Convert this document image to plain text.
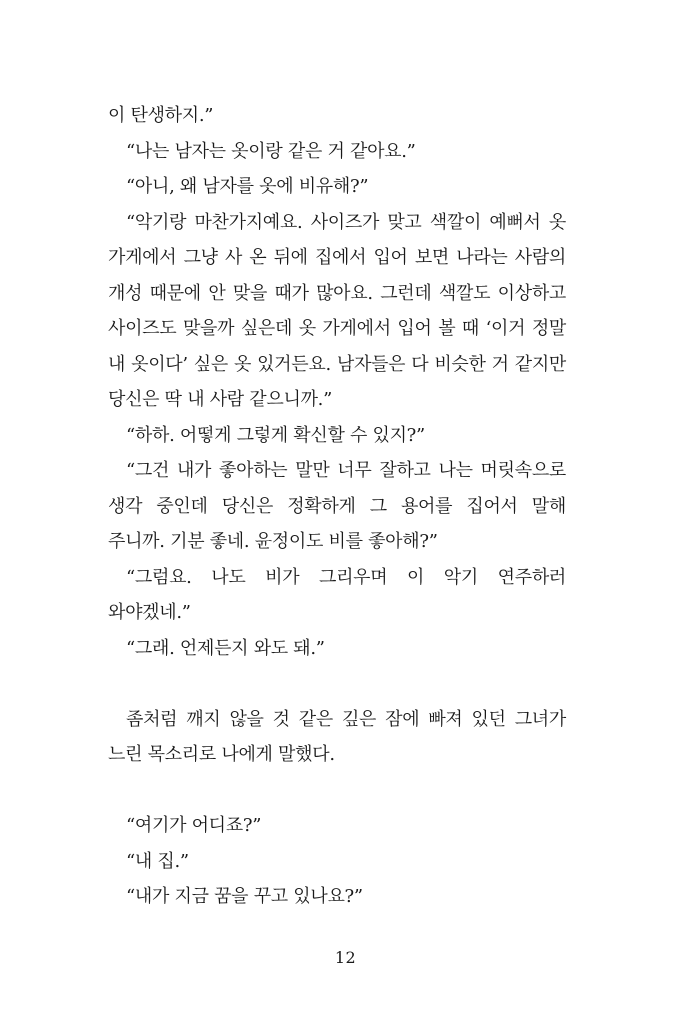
이 탄생하지.”

“나는 남자는 옷이랑 같은 거 같아요.”

“아니, 왜 남자를 옷에 비유해?”

“악기랑 마찬가지예요. 사이즈가 맞고 색깔이 예뻐서 옷 가게에서 그냥 사 온 뒤에 집에서 입어 보면 나라는 사람의 개성 때문에 안 맞을 때가 많아요. 그런데 색깔도 이상하고 사이즈도 맞을까 싶은데 옷 가게에서 입어 볼 때 ‘이거 정말 내 옷이다’ 싶은 옷 있거든요. 남자들은 다 비슷한 거 같지만 당신은 딱 내 사람 같으니까.”

“하하. 어떻게 그렇게 확신할 수 있지?”

“그건 내가 좋아하는 말만 너무 잘하고 나는 머릿속으로 생각 중인데 당신은 정확하게 그 용어를 집어서 말해 주니까. 기분 좋네. 윤정이도 비를 좋아해?”

“그럼요. 나도 비가 그리우며 이 악기 연주하러 와야겠네.”

“그래. 언제든지 와도 돼.”

좀처럼 깨지 않을 것 같은 깊은 잠에 빠져 있던 그녀가 느린 목소리로 나에게 말했다.

“여기가 어디죠?”

“내 집.”

“내가 지금 꿈을 꾸고 있나요?”

12
